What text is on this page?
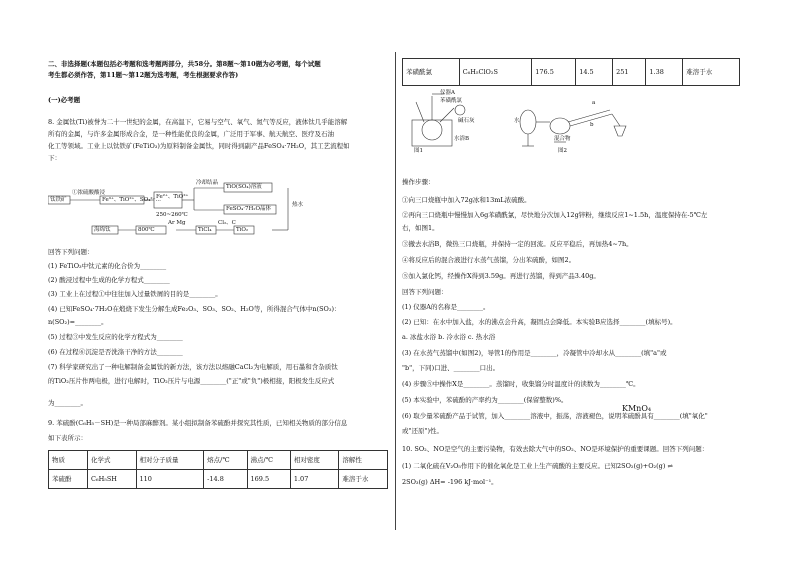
二、非选择题(本题包括必考题和选考题两部分，共58分。第8题～第10题为必考题，每个试题
考生都必须作答，第11题～第12题为选考题，考生根据要求作答)
(一)必考题
8. 金属钛(Ti)被誉为二十一世纪的金属，在高温下，它易与空气、氧气、氮气等反应，液体钛几乎能溶解
所有的金属，与许多金属形成合金，是一种性能优良的金属，广泛用于军事、航天航空、医疗及石油
化工等领域。工业上以钛铁矿(FeTiO₃)为原料制备金属钛，同时得到副产品FeSO₄·7H₂O，其工艺流程如
下：
钛铁矿
①浓硫酸酸浸
Fe³⁺、TiO²⁺、SO₄²⁻…
Fe²⁺、TiO²⁺
250~260℃
冷却结晶
TiO(SO₄)溶液
FeSO₄·7H₂O晶体
热水
TiO₂
TiCl₄
Cl₂、C
Ar Mg
800℃
海绵钛
回答下列问题：
(1) FeTiO₃中钛元素的化合价为________
(2) 酸浸过程中生成的化学方程式________
(3) 工业上在过程①中往往加入过量铁屑的目的是________。
(4) 已知FeSO₄·7H₂O在煅烧下发生分解生成Fe₂O₃、SO₃、SO₂、H₂O等，所得混合气体中n(SO₃)：
n(SO₂)=________。
(5) 过程③中发生反应的化学方程式为________
(6) 在过程⑥沉淀是否洗涤干净的方法________
(7) 科学家研究出了一种电解制备金属钛的新方法，该方法以熔融CaCl₂为电解质，用石墨和含杂质钛
的TiO₂压片作两电极，进行电解时，TiO₂压片与电源________("正"或"负")极相接，阳极发生反应式
为________。
9. 苯硫酚(C₆H₅－SH)是一种局部麻醉剂。某小组拟制备苯硫酚并探究其性质，已知相关物质的部分信息
如下表所示：
物质	化学式	相对分子质量	熔点/℃	沸点/℃	相对密度	溶解性
苯硫酚	C₆H₅SH	110	-14.8	169.5	1.07	难溶于水
苯磺酰氯	C₆H₅ClO₂S	176.5	14.5	251	1.38	难溶于水
仪器A
苯磺酰氯
碱石灰
水浴B
图1
水
混合物
a
b
图2
操作步骤：
①向三口烧瓶中加入72g冰和13mL浓硫酸。
②再向三口烧瓶中慢慢加入6g苯磺酰氯，尽快地分次加入12g锌粉，继续反应1~1.5h，温度保持在-5℃左
右，如图1。
③撤去水浴B，微热三口烧瓶，并保持一定的回流。反应平稳后，再加热4~7h。
④将反应后的混合液进行水蒸气蒸馏，分出苯硫酚，如图2。
⑤加入氯化钙，经操作X得到3.59g。再进行蒸馏，得到产品3.40g。
回答下列问题：
(1) 仪器A的名称是________。
(2) 已知：在水中加入盐，水的沸点会升高，凝固点会降低。本实验B应选择________(填标号)。
a. 冰盐水浴 b. 冷水浴 c. 热水浴
(3) 在水蒸气蒸馏中(如图2)，导管1的作用是________，冷凝管中冷却水从________(填"a"或
"b"，下同)口进、________口出。
(4) 步骤⑤中操作X是________。蒸馏时，收集馏分时温度计的读数为________℃。
(5) 本实验中，苯硫酚的产率约为________(保留整数)%。
(6) 取少量苯硫酚产品于试管，加入________溶液中，振荡，溶液褪色，说明苯硫酚具有________(填"氧化"
或"还原")性。
KMnO₄
10. SO₂、NO是空气的主要污染物，有效去除大气中的SO₂、NO是环境保护的重要课题。回答下列问题：
(1) 二氧化硫在V₂O₅作用下的催化氧化是工业上生产硫酸的主要反应。已知2SO₂(g)+O₂(g) ⇌
2SO₃(g) ΔH= -196 kJ·mol⁻¹。
